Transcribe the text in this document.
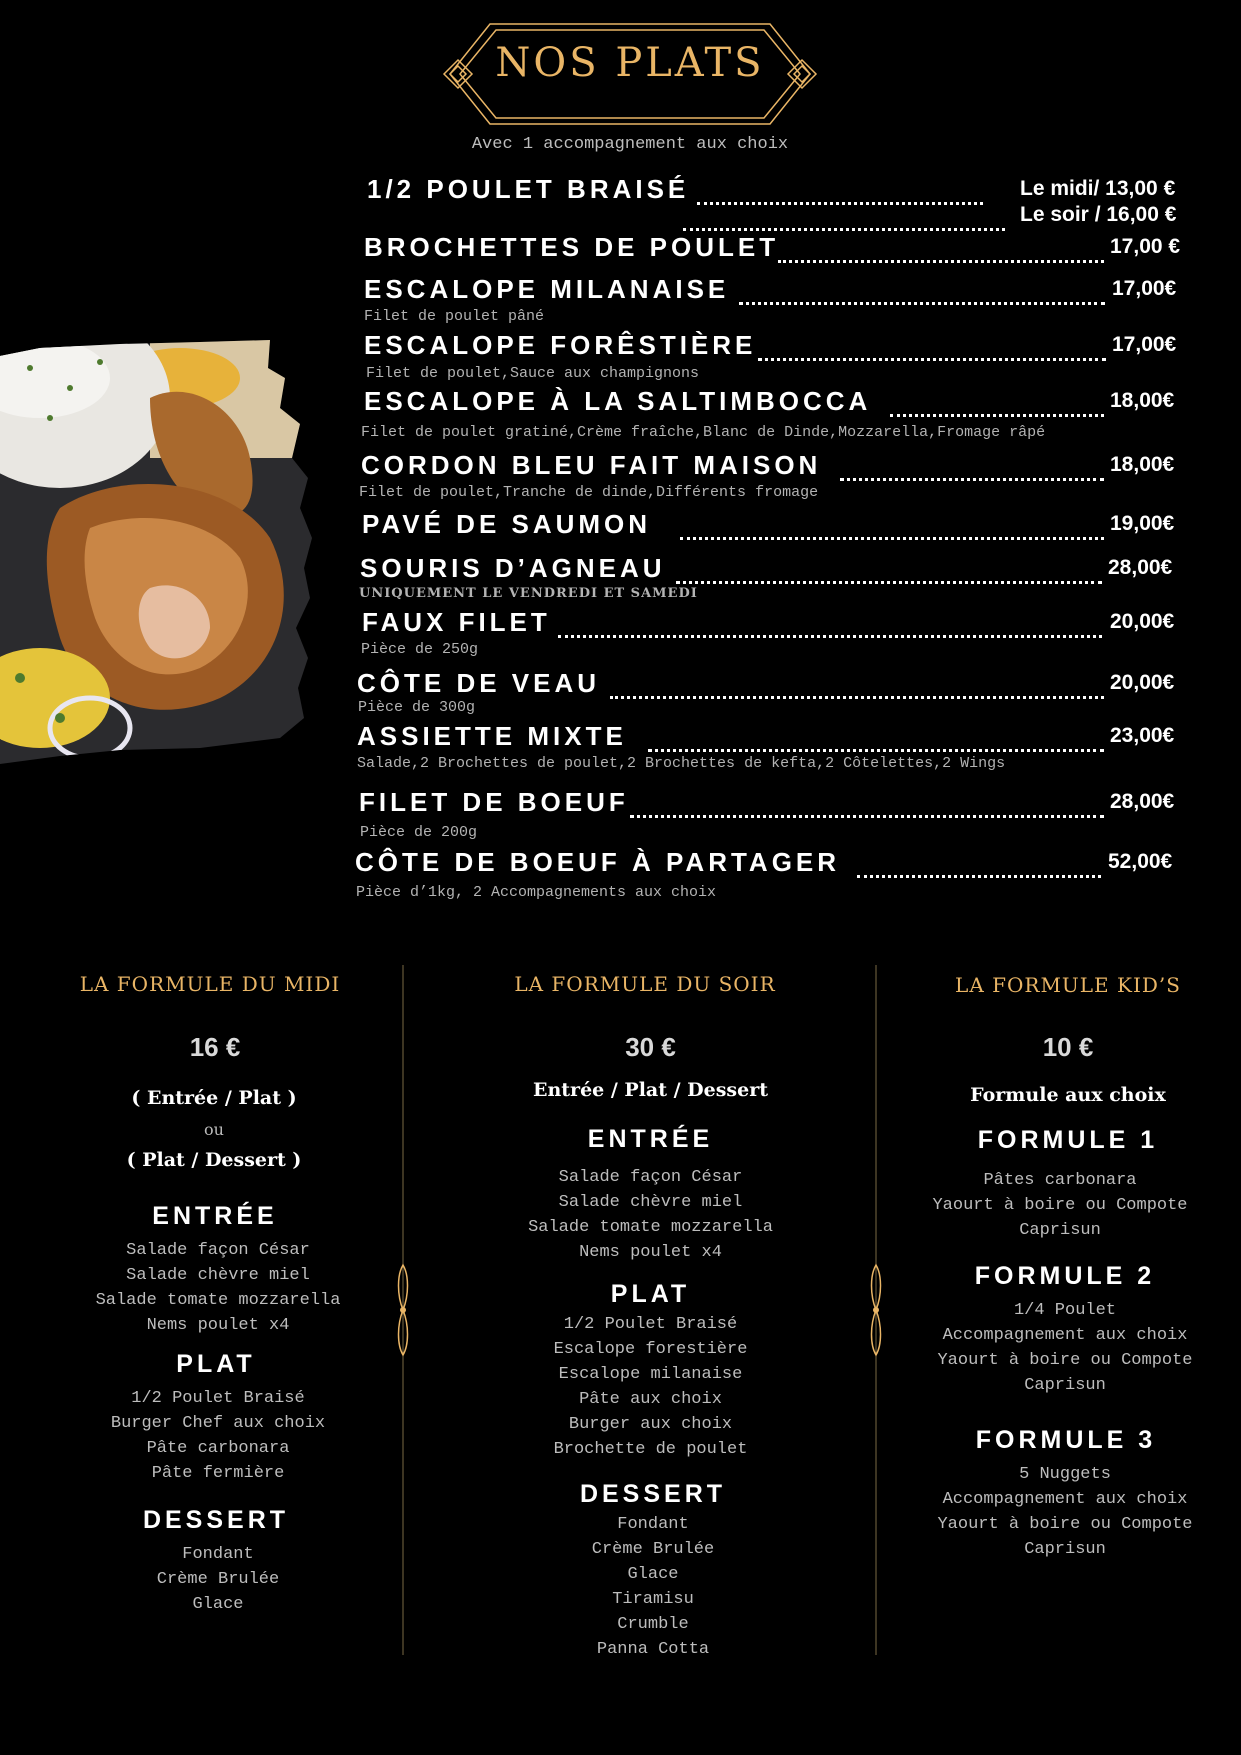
NOS PLATS
Avec 1 accompagnement aux choix
1/2 POULET BRAISÉ	Le midi/ 13,00 €
Le soir / 16,00 €
BROCHETTES DE POULET	17,00 €
ESCALOPE MILANAISE	17,00€
Filet de poulet pâné
ESCALOPE FORÊSTIÈRE	17,00€
Filet de poulet,Sauce aux champignons
ESCALOPE À LA SALTIMBOCCA	18,00€
Filet de poulet gratiné,Crème fraîche,Blanc de Dinde,Mozzarella,Fromage râpé
CORDON BLEU FAIT MAISON	18,00€
Filet de poulet,Tranche de dinde,Différents fromage
PAVÉ DE SAUMON	19,00€
SOURIS D’AGNEAU	28,00€
UNIQUEMENT LE VENDREDI ET SAMEDI
FAUX FILET	20,00€
Pièce de 250g
CÔTE DE VEAU	20,00€
Pièce de 300g
ASSIETTE MIXTE	23,00€
Salade,2 Brochettes de poulet,2 Brochettes de kefta,2 Côtelettes,2 Wings
FILET DE BOEUF	28,00€
Pièce de 200g
CÔTE DE BOEUF À PARTAGER	52,00€
Pièce d’1kg, 2 Accompagnements aux choix
LA FORMULE DU MIDI
16 €
( Entrée / Plat )
ou
( Plat / Dessert )
ENTRÉE
Salade façon César
Salade chèvre miel
Salade tomate mozzarella
Nems poulet x4
PLAT
1/2 Poulet Braisé
Burger Chef aux choix
Pâte carbonara
Pâte fermière
DESSERT
Fondant
Crème Brulée
Glace
LA FORMULE DU SOIR
30 €
Entrée / Plat / Dessert
ENTRÉE
Salade façon César
Salade chèvre miel
Salade tomate mozzarella
Nems poulet x4
PLAT
1/2 Poulet Braisé
Escalope forestière
Escalope milanaise
Pâte aux choix
Burger aux choix
Brochette de poulet
DESSERT
Fondant
Crème Brulée
Glace
Tiramisu
Crumble
Panna Cotta
LA FORMULE KID’S
10 €
Formule aux choix
FORMULE 1
Pâtes carbonara
Yaourt à boire ou Compote
Caprisun
FORMULE 2
1/4 Poulet
Accompagnement aux choix
Yaourt à boire ou Compote
Caprisun
FORMULE 3
5 Nuggets
Accompagnement aux choix
Yaourt à boire ou Compote
Caprisun
